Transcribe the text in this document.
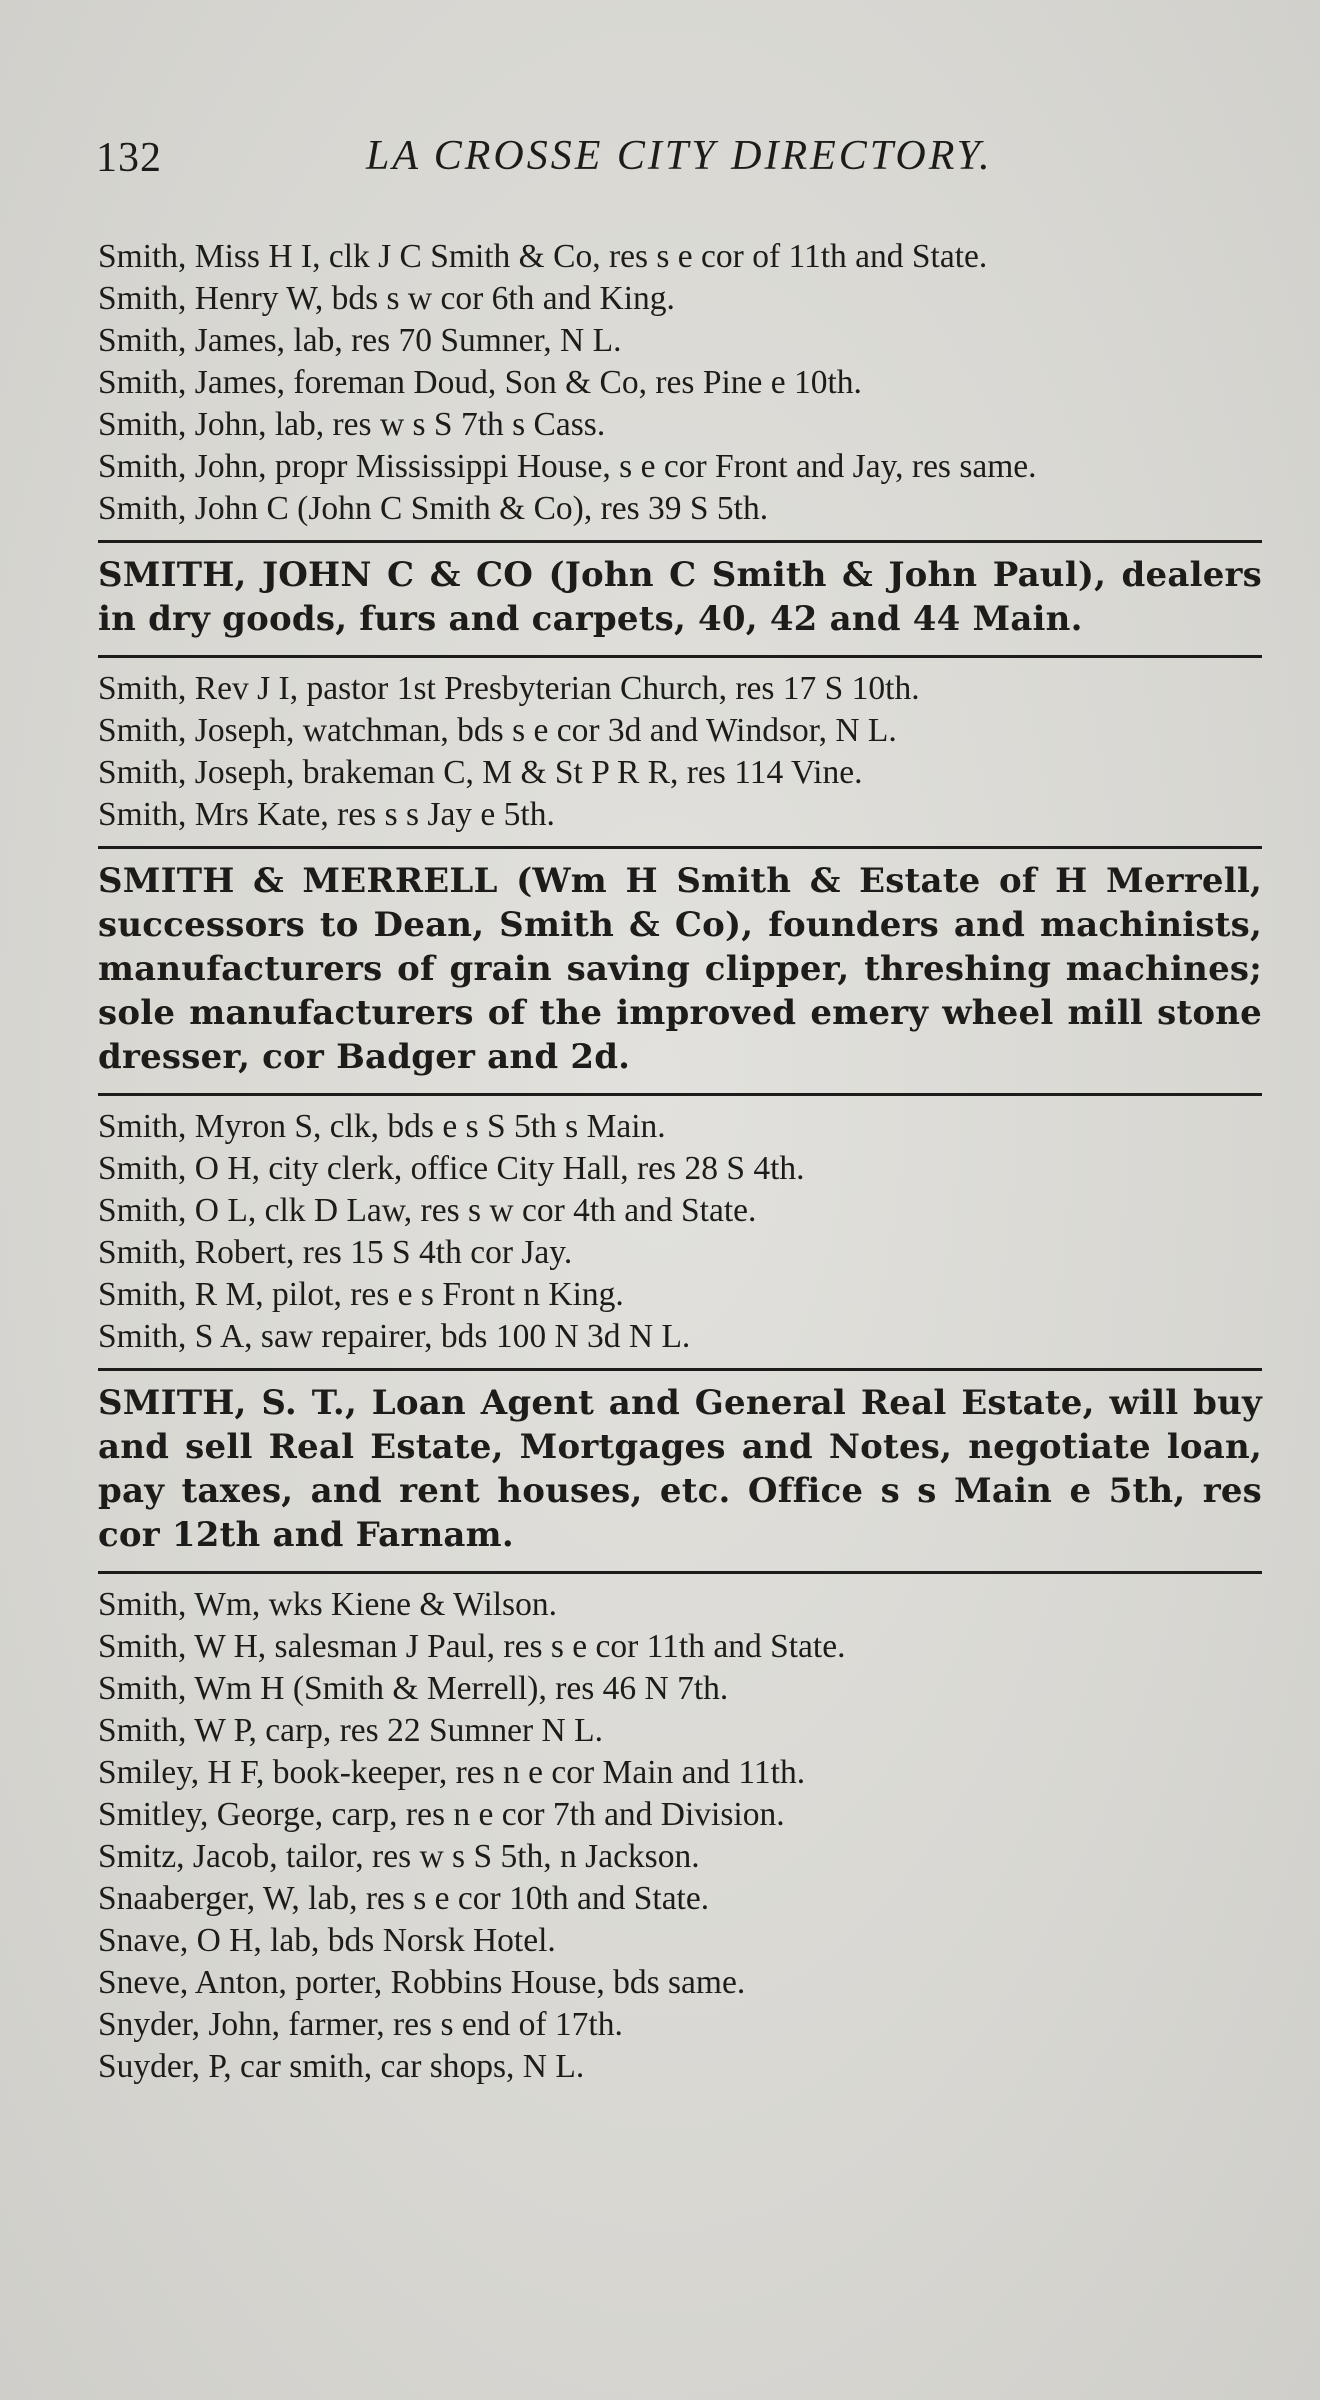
132	LA CROSSE CITY DIRECTORY.

Smith, Miss H I, clk J C Smith & Co, res s e cor of 11th and State.

Smith, Henry W, bds s w cor 6th and King.

Smith, James, lab, res 70 Sumner, N L.

Smith, James, foreman Doud, Son & Co, res Pine e 10th.

Smith, John, lab, res w s S 7th s Cass.

Smith, John, propr Mississippi House, s e cor Front and Jay, res same.

Smith, John C (John C Smith & Co), res 39 S 5th.

SMITH, JOHN C & CO (John C Smith & John Paul), dealers in dry goods, furs and carpets, 40, 42 and 44 Main.

Smith, Rev J I, pastor 1st Presbyterian Church, res 17 S 10th.

Smith, Joseph, watchman, bds s e cor 3d and Windsor, N L.

Smith, Joseph, brakeman C, M & St P R R, res 114 Vine.

Smith, Mrs Kate, res s s Jay e 5th.

SMITH & MERRELL (Wm H Smith & Estate of H Merrell, successors to Dean, Smith & Co), founders and machinists, manufacturers of grain saving clipper, threshing machines; sole manufacturers of the improved emery wheel mill stone dresser, cor Badger and 2d.

Smith, Myron S, clk, bds e s S 5th s Main.

Smith, O H, city clerk, office City Hall, res 28 S 4th.

Smith, O L, clk D Law, res s w cor 4th and State.

Smith, Robert, res 15 S 4th cor Jay.

Smith, R M, pilot, res e s Front n King.

Smith, S A, saw repairer, bds 100 N 3d N L.

SMITH, S. T., Loan Agent and General Real Estate, will buy and sell Real Estate, Mortgages and Notes, negotiate loan, pay taxes, and rent houses, etc. Office s s Main e 5th, res cor 12th and Farnam.

Smith, Wm, wks Kiene & Wilson.

Smith, W H, salesman J Paul, res s e cor 11th and State.

Smith, Wm H (Smith & Merrell), res 46 N 7th.

Smith, W P, carp, res 22 Sumner N L.

Smiley, H F, book-keeper, res n e cor Main and 11th.

Smitley, George, carp, res n e cor 7th and Division.

Smitz, Jacob, tailor, res w s S 5th, n Jackson.

Snaaberger, W, lab, res s e cor 10th and State.

Snave, O H, lab, bds Norsk Hotel.

Sneve, Anton, porter, Robbins House, bds same.

Snyder, John, farmer, res s end of 17th.

Suyder, P, car smith, car shops, N L.
